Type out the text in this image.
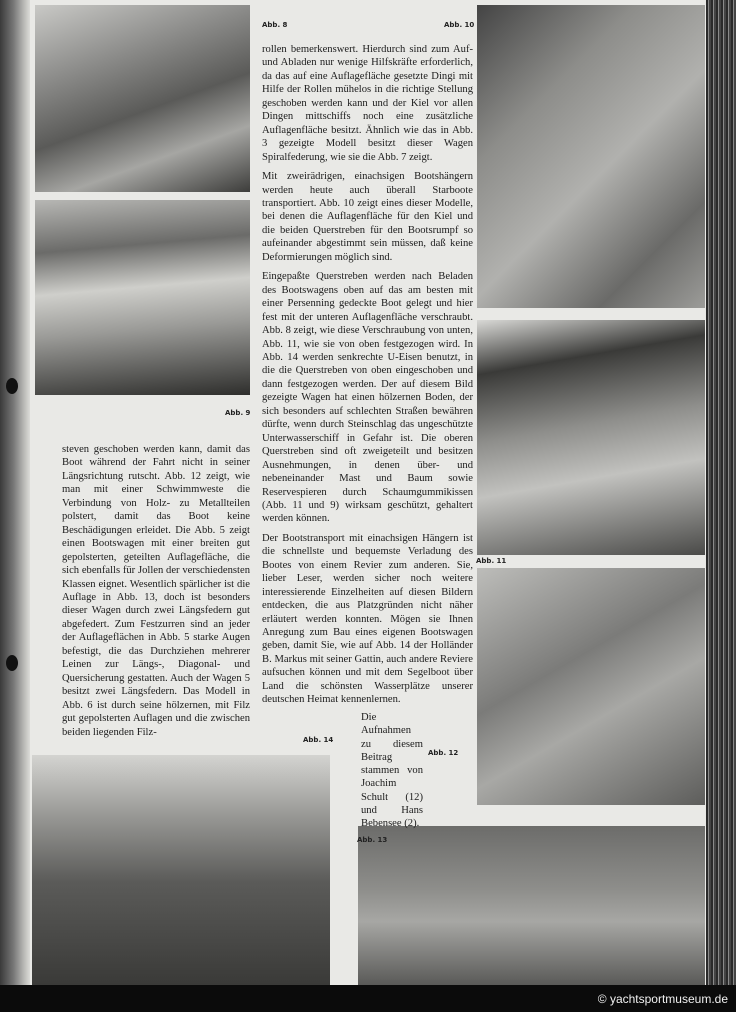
Abb. 8	Abb. 10
Abb. 9
Abb. 11
Abb. 12
Abb. 14
Abb. 13

rollen bemerkenswert. Hierdurch sind zum Auf- und Abladen nur wenige Hilfskräfte erforderlich, da das auf eine Auflagefläche gesetzte Dingi mit Hilfe der Rollen mühelos in die richtige Stellung geschoben werden kann und der Kiel vor allen Dingen mittschiffs noch eine zusätzliche Auflagenfläche besitzt. Ähnlich wie das in Abb. 3 gezeigte Modell besitzt dieser Wagen Spiralfederung, wie sie die Abb. 7 zeigt.

Mit zweirädrigen, einachsigen Bootshängern werden heute auch überall Starboote transportiert. Abb. 10 zeigt eines dieser Modelle, bei denen die Auflagenfläche für den Kiel und die beiden Querstreben für den Bootsrumpf so aufeinander abgestimmt sein müssen, daß keine Deformierungen möglich sind.

Eingepaßte Querstreben werden nach Beladen des Bootswagens oben auf das am besten mit einer Persenning gedeckte Boot gelegt und hier fest mit der unteren Auflagenfläche verschraubt. Abb. 8 zeigt, wie diese Verschraubung von unten, Abb. 11, wie sie von oben festgezogen wird. In Abb. 14 werden senkrechte U-Eisen benutzt, in die die Querstreben von oben eingeschoben und dann festgezogen werden. Der auf diesem Bild gezeigte Wagen hat einen hölzernen Boden, der sich besonders auf schlechten Straßen bewähren dürfte, wenn durch Steinschlag das ungeschützte Unterwasserschiff in Gefahr ist. Die oberen Querstreben sind oft zweigeteilt und besitzen Ausnehmungen, in denen über- und nebeneinander Mast und Baum sowie Reservespieren durch Schaumgummikissen (Abb. 11 und 9) wirksam geschützt, gehaltert werden können.

Der Bootstransport mit einachsigen Hängern ist die schnellste und bequemste Verladung des Bootes von einem Revier zum anderen. Sie, lieber Leser, werden sicher noch weitere interessierende Einzelheiten auf diesen Bildern entdecken, die aus Platzgründen nicht näher erläutert werden konnten. Mögen sie Ihnen Anregung zum Bau eines eigenen Bootswagen geben, damit Sie, wie auf Abb. 14 der Holländer B. Markus mit seiner Gattin, auch andere Reviere aufsuchen können und mit dem Segelboot über Land die schönsten Wasserplätze unserer deutschen Heimat kennenlernen.

steven geschoben werden kann, damit das Boot während der Fahrt nicht in seiner Längsrichtung rutscht. Abb. 12 zeigt, wie man mit einer Schwimmweste die Verbindung von Holz- zu Metallteilen polstert, damit das Boot keine Beschädigungen erleidet. Die Abb. 5 zeigt einen Bootswagen mit einer breiten gut gepolsterten, geteilten Auflagefläche, die sich ebenfalls für Jollen der verschiedensten Klassen eignet. Wesentlich spärlicher ist die Auflage in Abb. 13, doch ist besonders dieser Wagen durch zwei Längsfedern gut abgefedert. Zum Festzurren sind an jeder der Auflageflächen in Abb. 5 starke Augen befestigt, die das Durchziehen mehrerer Leinen zur Längs-, Diagonal- und Quersicherung gestatten. Auch der Wagen 5 besitzt zwei Längsfedern. Das Modell in Abb. 6 ist durch seine hölzernen, mit Filz gut gepolsterten Auflagen und die zwischen beiden liegenden Filz-

Die Aufnahmen zu diesem Beitrag stammen von Joachim Schult (12) und Hans Bebensee (2).
© yachtsportmuseum.de
